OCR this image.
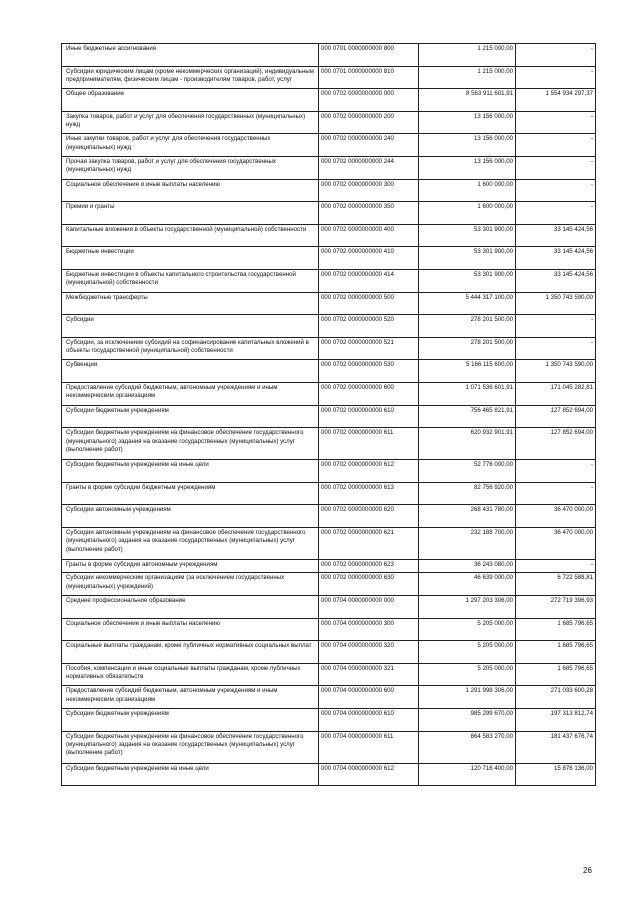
Иные бюджетные ассигнования	000 0701 0000000000 800	1 215 000,00	-
Субсидии юридическим лицам (кроме некоммерческих организаций), индивидуальным предпринимателям, физическим лицам - производителям товаров, работ, услуг	000 0701 0000000000 810	1 215 000,00	-
Общее образование	000 0702 0000000000 000	8 563 911 601,91	1 554 934 297,37
Закупка товаров, работ и услуг для обеспечения государственных (муниципальных) нужд	000 0702 0000000000 200	13 156 000,00	-
Иные закупки товаров, работ и услуг для обеспечения государственных (муниципальных) нужд	000 0702 0000000000 240	13 156 000,00	-
Прочая закупка товаров, работ и услуг для обеспечения государственных (муниципальных) нужд	000 0702 0000000000 244	13 156 000,00	-
Социальное обеспечение и иные выплаты населению	000 0702 0000000000 300	1 600 000,00	-
Премии и гранты	000 0702 0000000000 350	1 600 000,00	-
Капитальные вложения в объекты государственной (муниципальной) собственности	000 0702 0000000000 400	53 301 900,00	33 145 424,56
Бюджетные инвестиции	000 0702 0000000000 410	53 301 900,00	33 145 424,56
Бюджетные инвестиции в объекты капитального строительства государственной (муниципальной) собственности	000 0702 0000000000 414	53 301 900,00	33 145 424,56
Межбюджетные трансферты	000 0702 0000000000 500	5 444 317 100,00	1 350 743 590,00
Субсидии	000 0702 0000000000 520	278 201 500,00	-
Субсидии, за исключением субсидий на софинансирование капитальных вложений в объекты государственной (муниципальной) собственности	000 0702 0000000000 521	278 201 500,00	-
Субвенции	000 0702 0000000000 530	5 166 115 600,00	1 350 743 590,00
Предоставление субсидий бюджетным, автономным учреждениям и иным некоммерческим организациям	000 0702 0000000000 600	1 071 536 601,91	171 045 282,81
Субсидии бюджетным учреждениям	000 0702 0000000000 610	756 465 821,91	127 852 694,00
Субсидии бюджетным учреждениям на финансовое обеспечение государственного (муниципального) задания на оказание государственных (муниципальных) услуг (выполнение работ)	000 0702 0000000000 611	620 932 901,91	127 852 694,00
Субсидии бюджетным учреждениям на иные цели	000 0702 0000000000 612	52 776 000,00	-
Гранты в форме субсидии бюджетным учреждениям	000 0702 0000000000 613	82 756 920,00	-
Субсидии автономным учреждениям	000 0702 0000000000 620	268 431 780,00	36 470 000,00
Субсидии автономным учреждениям на финансовое обеспечение государственного (муниципального) задания на оказание государственных (муниципальных) услуг (выполнение работ)	000 0702 0000000000 621	232 188 700,00	36 470 000,00
Гранты в форме субсидии автономным учреждениям	000 0702 0000000000 623	36 243 080,00	-
Субсидии некоммерческим организациям (за исключением государственных (муниципальных) учреждений)	000 0702 0000000000 630	46 639 000,00	6 722 588,81
Среднее профессиональное образование	000 0704 0000000000 000	1 297 203 306,00	272 719 396,93
Социальное обеспечение и иные выплаты населению	000 0704 0000000000 300	5 205 000,00	1 685 796,65
Социальные выплаты гражданам, кроме публичных нормативных социальных выплат	000 0704 0000000000 320	5 205 000,00	1 685 796,65
Пособия, компенсации и иные социальные выплаты гражданам, кроме публичных нормативных обязательств	000 0704 0000000000 321	5 205 000,00	1 685 796,65
Предоставление субсидий бюджетным, автономным учреждениям и иным некоммерческим организациям	000 0704 0000000000 600	1 291 998 306,00	271 033 600,28
Субсидии бюджетным учреждениям	000 0704 0000000000 610	985 299 670,00	197 313 812,74
Субсидии бюджетным учреждениям на финансовое обеспечение государственного (муниципального) задания на оказание государственных (муниципальных) услуг (выполнение работ)	000 0704 0000000000 611	864 583 270,00	181 437 676,74
Субсидии бюджетным учреждениям на иные цели	000 0704 0000000000 612	120 716 400,00	15 876 136,00
26
